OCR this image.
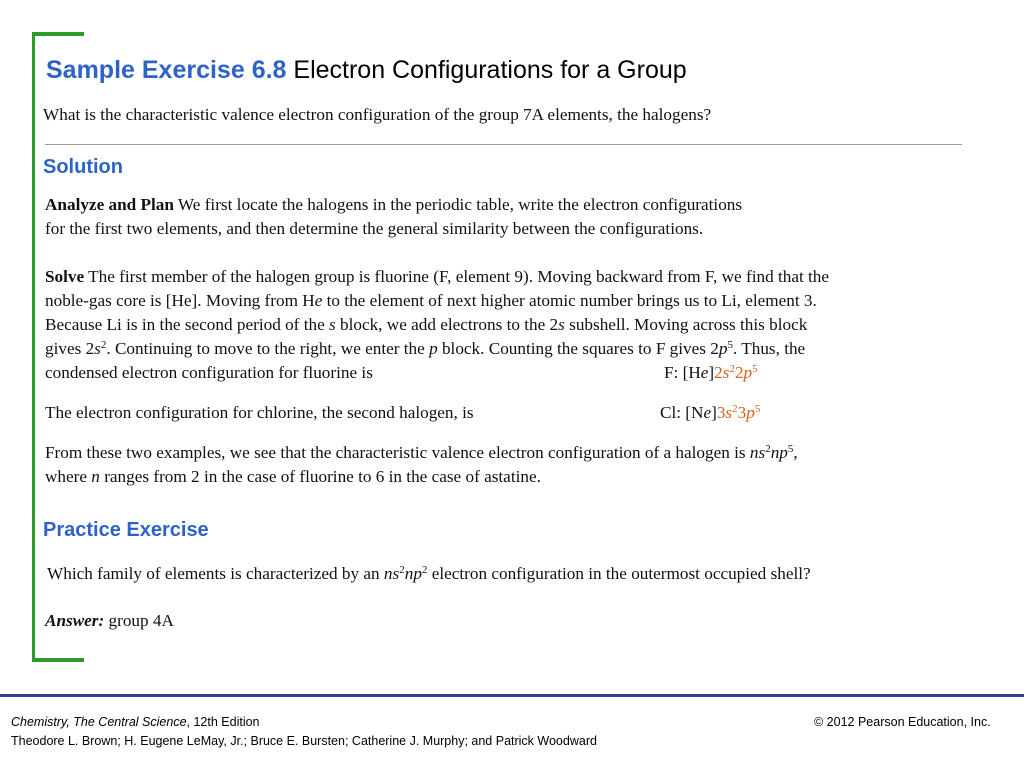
Sample Exercise 6.8 Electron Configurations for a Group
What is the characteristic valence electron configuration of the group 7A elements, the halogens?
Solution
Analyze and Plan We first locate the halogens in the periodic table, write the electron configurations
for the first two elements, and then determine the general similarity between the configurations.
Solve The first member of the halogen group is fluorine (F, element 9). Moving backward from F, we find that the
noble-gas core is [He]. Moving from He to the element of next higher atomic number brings us to Li, element 3.
Because Li is in the second period of the s block, we add electrons to the 2s subshell. Moving across this block
gives $2s^2$. Continuing to move to the right, we enter the p block. Counting the squares to F gives $2p^5$. Thus, the
condensed electron configuration for fluorine is	F: $[He]2s^22p^5$
The electron configuration for chlorine, the second halogen, is	Cl: $[Ne]3s^23p^5$
From these two examples, we see that the characteristic valence electron configuration of a halogen is $ns^2np^5$,
where n ranges from 2 in the case of fluorine to 6 in the case of astatine.
Practice Exercise
Which family of elements is characterized by an $ns^2np^2$ electron configuration in the outermost occupied shell?
Answer: group 4A
Chemistry, The Central Science, 12th Edition
Theodore L. Brown; H. Eugene LeMay, Jr.; Bruce E. Bursten; Catherine J. Murphy; and Patrick Woodward
© 2012 Pearson Education, Inc.
